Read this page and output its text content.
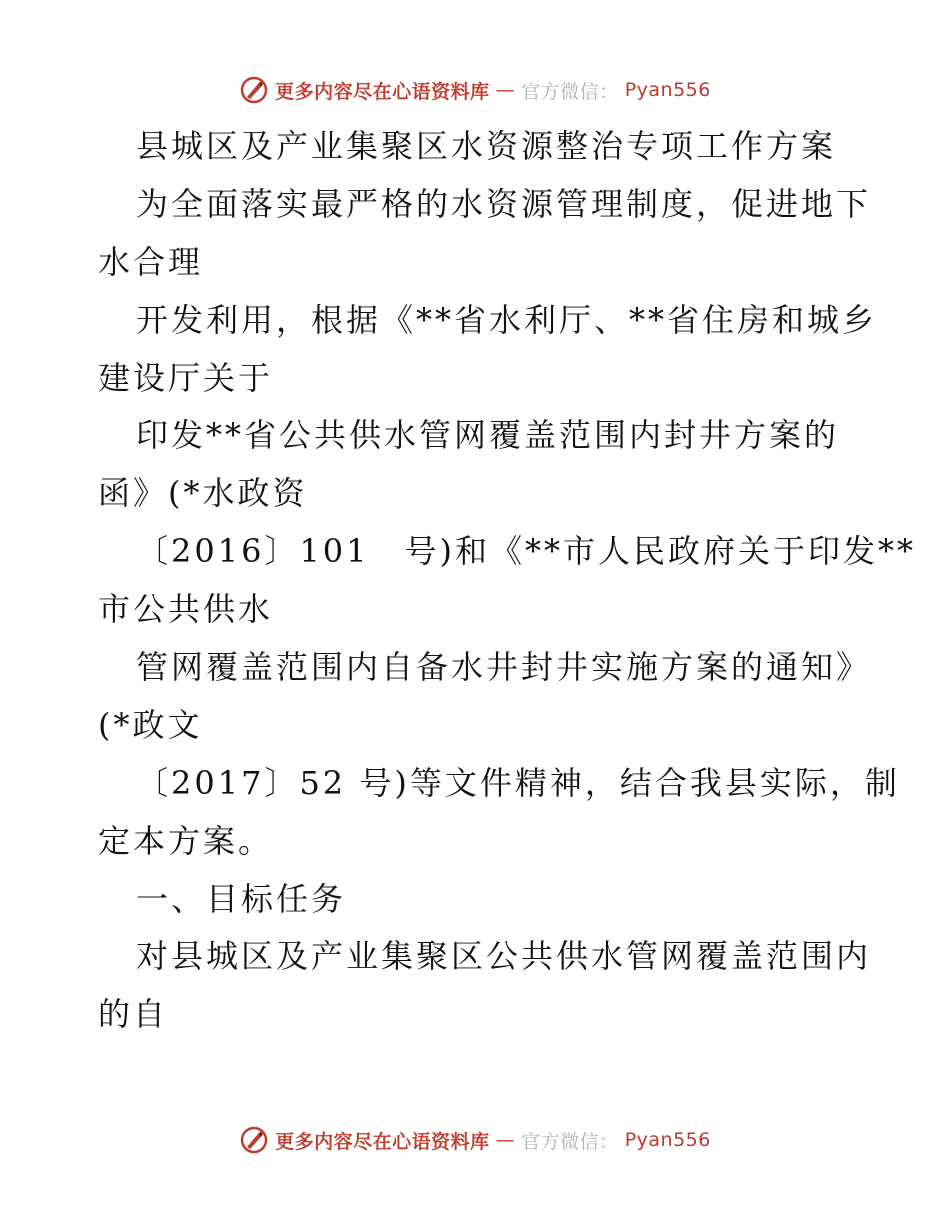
更多内容尽在心语资料库 — 官方微信： Pyan556
县城区及产业集聚区水资源整治专项工作方案
为全面落实最严格的水资源管理制度，促进地下
水合理
开发利用，根据《**省水利厅、**省住房和城乡
建设厅关于
印发**省公共供水管网覆盖范围内封井方案的
函》(*水政资
〔2016〕101　号)和《**市人民政府关于印发**
市公共供水
管网覆盖范围内自备水井封井实施方案的通知》
(*政文
〔2017〕52 号)等文件精神，结合我县实际，制
定本方案。
一、目标任务
对县城区及产业集聚区公共供水管网覆盖范围内
的自
更多内容尽在心语资料库 — 官方微信： Pyan556
